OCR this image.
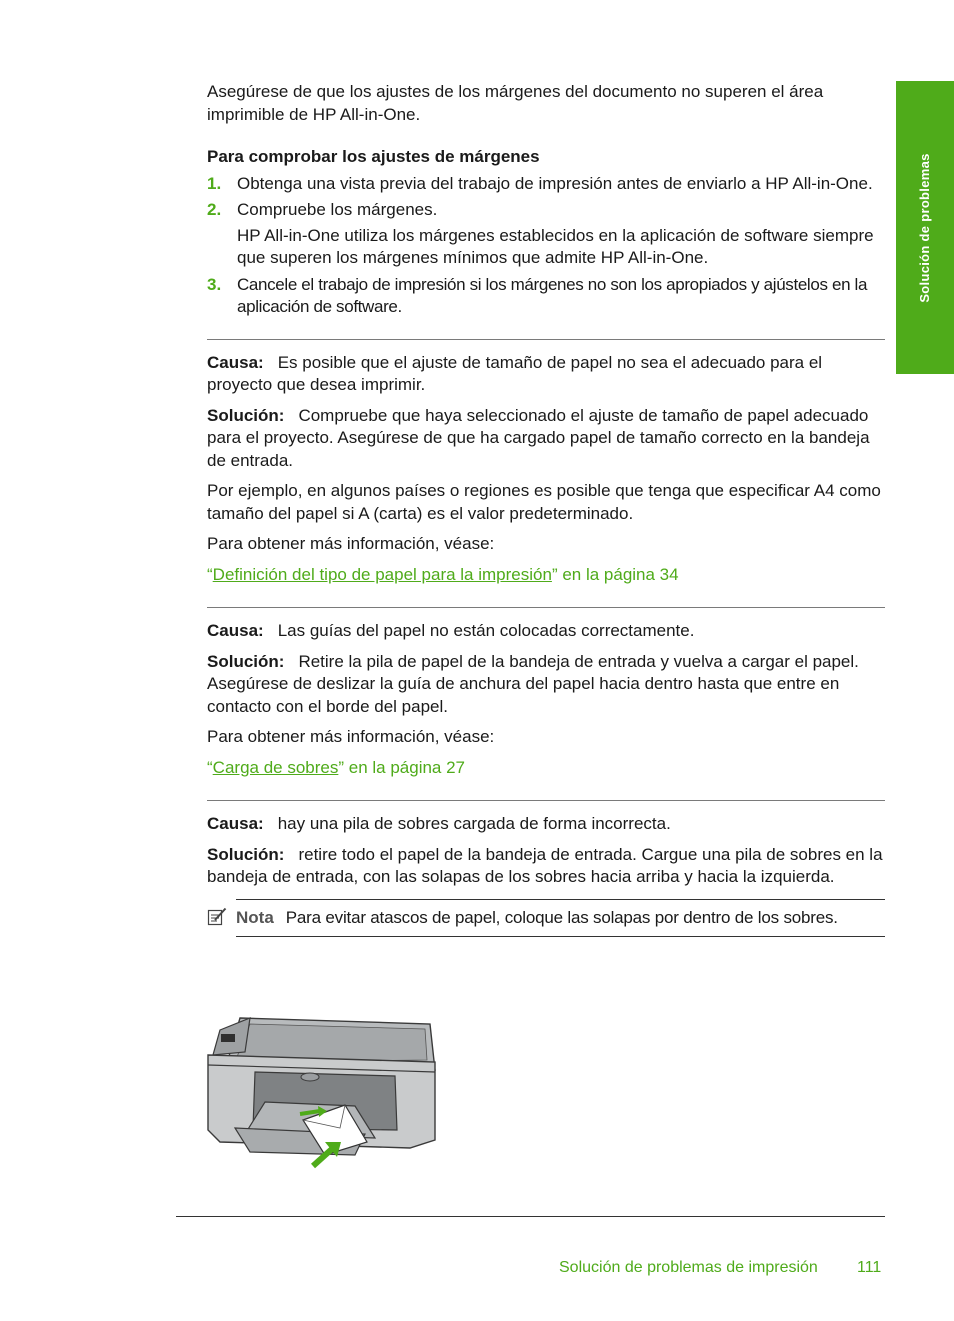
Solución de problemas

Asegúrese de que los ajustes de los márgenes del documento no superen el área imprimible de HP All-in-One.

Para comprobar los ajustes de márgenes

1. Obtenga una vista previa del trabajo de impresión antes de enviarlo a HP All-in-One.
2. Compruebe los márgenes.
HP All-in-One utiliza los márgenes establecidos en la aplicación de software siempre que superen los márgenes mínimos que admite HP All-in-One.
3. Cancele el trabajo de impresión si los márgenes no son los apropiados y ajústelos en la aplicación de software.

Causa: Es posible que el ajuste de tamaño de papel no sea el adecuado para el proyecto que desea imprimir.

Solución: Compruebe que haya seleccionado el ajuste de tamaño de papel adecuado para el proyecto. Asegúrese de que ha cargado papel de tamaño correcto en la bandeja de entrada.

Por ejemplo, en algunos países o regiones es posible que tenga que especificar A4 como tamaño del papel si A (carta) es el valor predeterminado.

Para obtener más información, véase:

“Definición del tipo de papel para la impresión” en la página 34

Causa: Las guías del papel no están colocadas correctamente.

Solución: Retire la pila de papel de la bandeja de entrada y vuelva a cargar el papel. Asegúrese de deslizar la guía de anchura del papel hacia dentro hasta que entre en contacto con el borde del papel.

Para obtener más información, véase:

“Carga de sobres” en la página 27

Causa: hay una pila de sobres cargada de forma incorrecta.

Solución: retire todo el papel de la bandeja de entrada. Cargue una pila de sobres en la bandeja de entrada, con las solapas de los sobres hacia arriba y hacia la izquierda.

Nota Para evitar atascos de papel, coloque las solapas por dentro de los sobres.
Solución de problemas de impresión 111
